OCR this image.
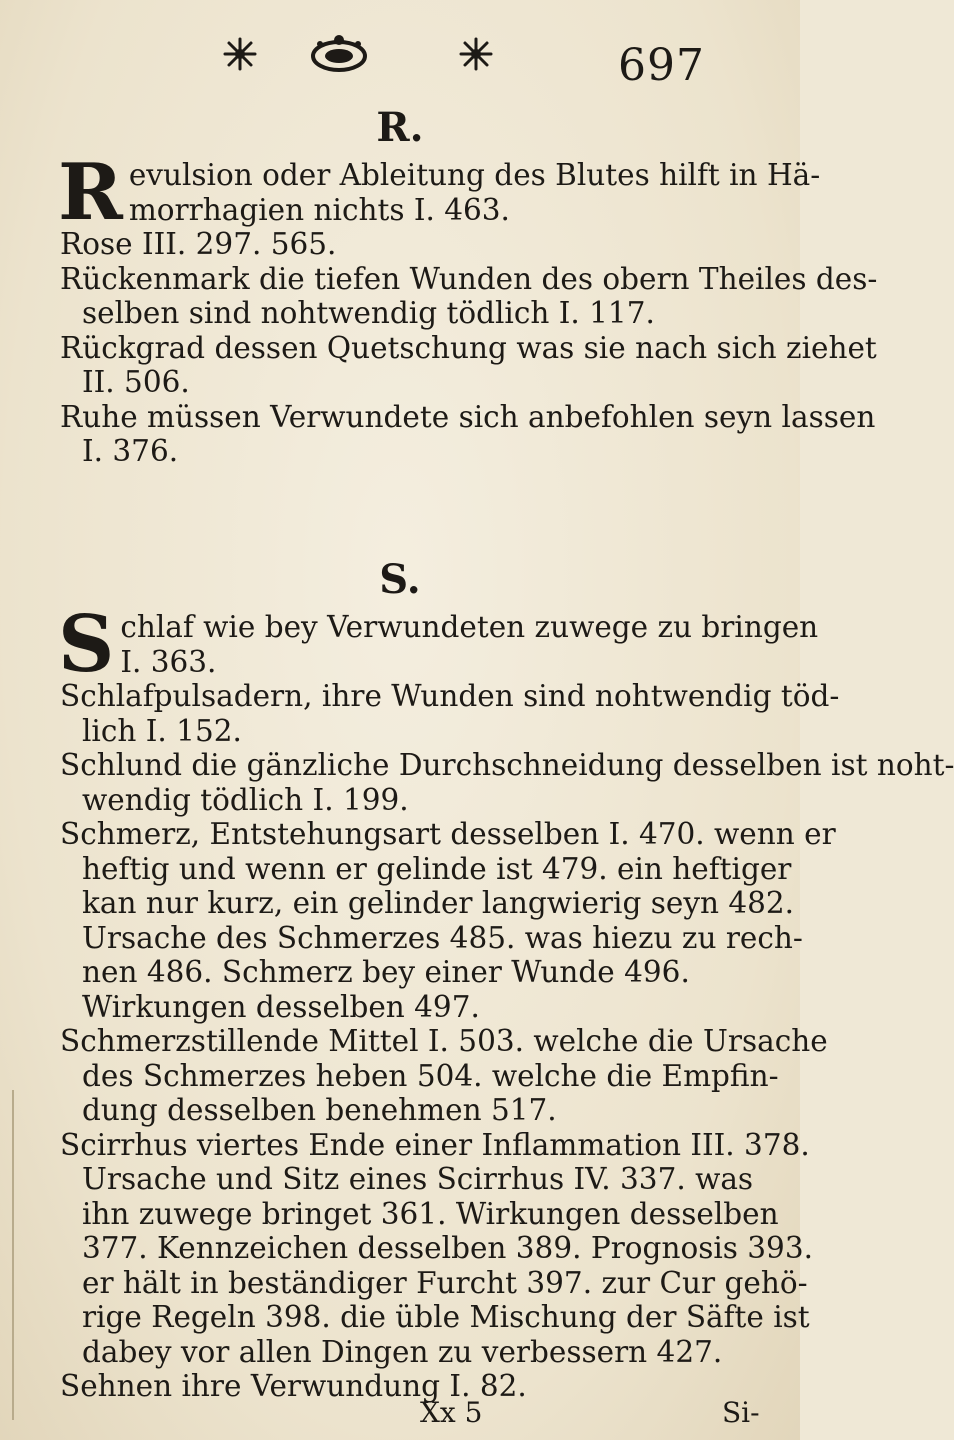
697
R.
Revulsion oder Ableitung des Blutes hilft in Hä-
morrhagien nichts I. 463.
Rose III. 297. 565.
Rückenmark die tiefen Wunden des obern Theiles des-
selben sind nohtwendig tödlich I. 117.
Rückgrad dessen Quetschung was sie nach sich ziehet
II. 506.
Ruhe müssen Verwundete sich anbefohlen seyn lassen
I. 376.
S.
Schlaf wie bey Verwundeten zuwege zu bringen
I. 363.
Schlafpulsadern, ihre Wunden sind nohtwendig töd-
lich I. 152.
Schlund die gänzliche Durchschneidung desselben ist noht-
wendig tödlich I. 199.
Schmerz, Entstehungsart desselben I. 470. wenn er
heftig und wenn er gelinde ist 479. ein heftiger
kan nur kurz, ein gelinder langwierig seyn 482.
Ursache des Schmerzes 485. was hiezu zu rech-
nen 486. Schmerz bey einer Wunde 496.
Wirkungen desselben 497.
Schmerzstillende Mittel I. 503. welche die Ursache
des Schmerzes heben 504. welche die Empfin-
dung desselben benehmen 517.
Scirrhus viertes Ende einer Inflammation III. 378.
Ursache und Sitz eines Scirrhus IV. 337. was
ihn zuwege bringet 361. Wirkungen desselben
377. Kennzeichen desselben 389. Prognosis 393.
er hält in beständiger Furcht 397. zur Cur gehö-
rige Regeln 398. die üble Mischung der Säfte ist
dabey vor allen Dingen zu verbessern 427.
Sehnen ihre Verwundung I. 82.
Xx 5	Si-
